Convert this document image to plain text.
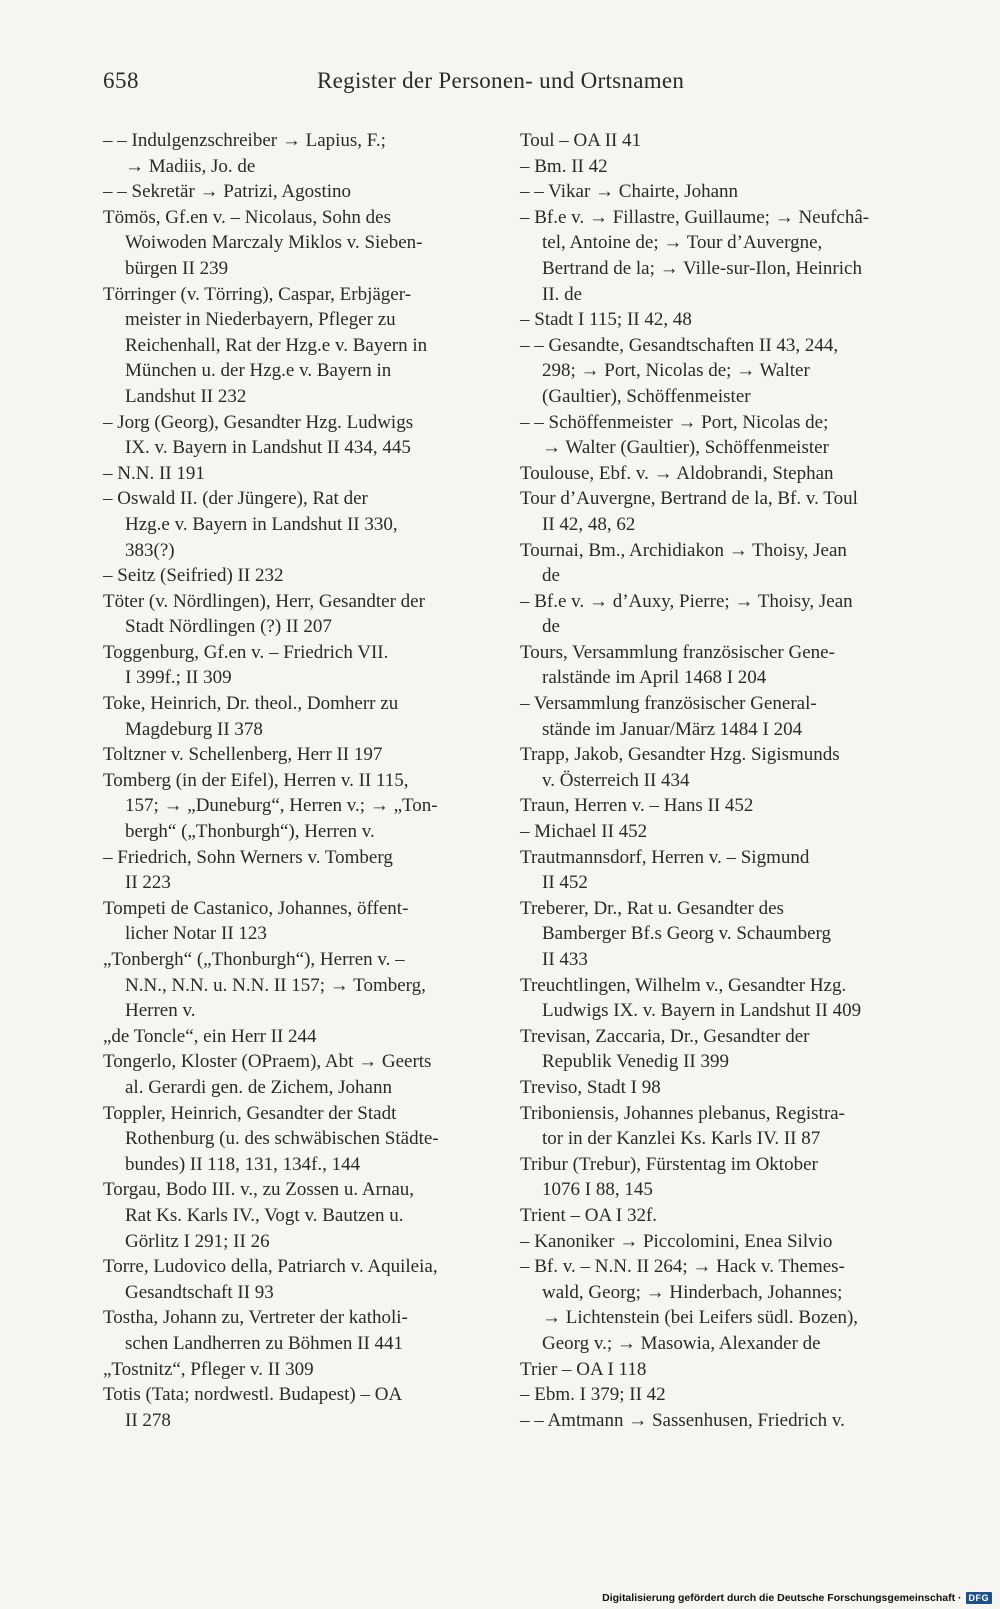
658	Register der Personen- und Ortsnamen
– – Indulgenzschreiber → Lapius, F.;
→ Madiis, Jo. de
– – Sekretär → Patrizi, Agostino
Tömös, Gf.en v. – Nicolaus, Sohn des
Woiwoden Marczaly Miklos v. Sieben-
bürgen II 239
Törringer (v. Törring), Caspar, Erbjäger-
meister in Niederbayern, Pfleger zu
Reichenhall, Rat der Hzg.e v. Bayern in
München u. der Hzg.e v. Bayern in
Landshut II 232
– Jorg (Georg), Gesandter Hzg. Ludwigs
IX. v. Bayern in Landshut II 434, 445
– N.N. II 191
– Oswald II. (der Jüngere), Rat der
Hzg.e v. Bayern in Landshut II 330,
383(?)
– Seitz (Seifried) II 232
Töter (v. Nördlingen), Herr, Gesandter der
Stadt Nördlingen (?) II 207
Toggenburg, Gf.en v. – Friedrich VII.
I 399f.; II 309
Toke, Heinrich, Dr. theol., Domherr zu
Magdeburg II 378
Toltzner v. Schellenberg, Herr II 197
Tomberg (in der Eifel), Herren v. II 115,
157; → „Duneburg“, Herren v.; → „Ton-
bergh“ („Thonburgh“), Herren v.
– Friedrich, Sohn Werners v. Tomberg
II 223
Tompeti de Castanico, Johannes, öffent-
licher Notar II 123
„Tonbergh“ („Thonburgh“), Herren v. –
N.N., N.N. u. N.N. II 157; → Tomberg,
Herren v.
„de Toncle“, ein Herr II 244
Tongerlo, Kloster (OPraem), Abt → Geerts
al. Gerardi gen. de Zichem, Johann
Toppler, Heinrich, Gesandter der Stadt
Rothenburg (u. des schwäbischen Städte-
bundes) II 118, 131, 134f., 144
Torgau, Bodo III. v., zu Zossen u. Arnau,
Rat Ks. Karls IV., Vogt v. Bautzen u.
Görlitz I 291; II 26
Torre, Ludovico della, Patriarch v. Aquileia,
Gesandtschaft II 93
Tostha, Johann zu, Vertreter der katholi-
schen Landherren zu Böhmen II 441
„Tostnitz“, Pfleger v. II 309
Totis (Tata; nordwestl. Budapest) – OA
II 278
Toul – OA II 41
– Bm. II 42
– – Vikar → Chairte, Johann
– Bf.e v. → Fillastre, Guillaume; → Neufchâ-
tel, Antoine de; → Tour d’Auvergne,
Bertrand de la; → Ville-sur-Ilon, Heinrich
II. de
– Stadt I 115; II 42, 48
– – Gesandte, Gesandtschaften II 43, 244,
298; → Port, Nicolas de; → Walter
(Gaultier), Schöffenmeister
– – Schöffenmeister → Port, Nicolas de;
→ Walter (Gaultier), Schöffenmeister
Toulouse, Ebf. v. → Aldobrandi, Stephan
Tour d’Auvergne, Bertrand de la, Bf. v. Toul
II 42, 48, 62
Tournai, Bm., Archidiakon → Thoisy, Jean
de
– Bf.e v. → d’Auxy, Pierre; → Thoisy, Jean
de
Tours, Versammlung französischer Gene-
ralstände im April 1468 I 204
– Versammlung französischer General-
stände im Januar/März 1484 I 204
Trapp, Jakob, Gesandter Hzg. Sigismunds
v. Österreich II 434
Traun, Herren v. – Hans II 452
– Michael II 452
Trautmannsdorf, Herren v. – Sigmund
II 452
Treberer, Dr., Rat u. Gesandter des
Bamberger Bf.s Georg v. Schaumberg
II 433
Treuchtlingen, Wilhelm v., Gesandter Hzg.
Ludwigs IX. v. Bayern in Landshut II 409
Trevisan, Zaccaria, Dr., Gesandter der
Republik Venedig II 399
Treviso, Stadt I 98
Triboniensis, Johannes plebanus, Registra-
tor in der Kanzlei Ks. Karls IV. II 87
Tribur (Trebur), Fürstentag im Oktober
1076 I 88, 145
Trient – OA I 32f.
– Kanoniker → Piccolomini, Enea Silvio
– Bf. v. – N.N. II 264; → Hack v. Themes-
wald, Georg; → Hinderbach, Johannes;
→ Lichtenstein (bei Leifers südl. Bozen),
Georg v.; → Masowia, Alexander de
Trier – OA I 118
– Ebm. I 379; II 42
– – Amtmann → Sassenhusen, Friedrich v.
Digitalisierung gefördert durch die Deutsche Forschungsgemeinschaft · DFG
